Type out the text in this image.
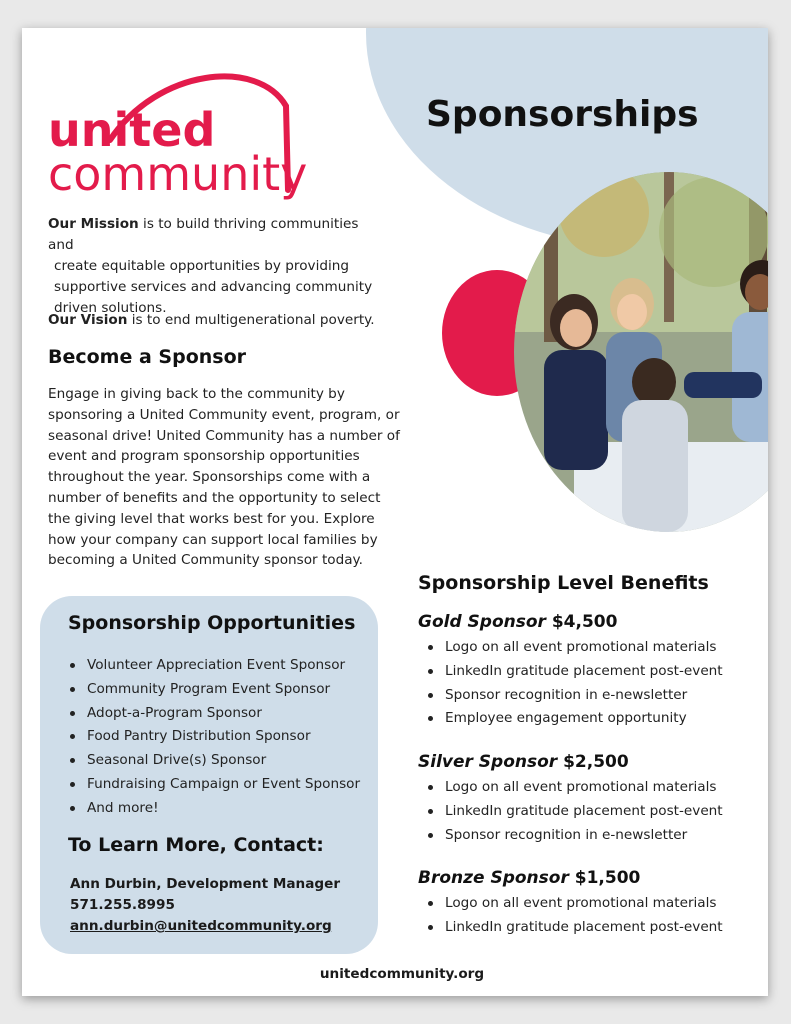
united
community
Sponsorships
Our Mission is to build thriving communities and
create equitable opportunities by providing
supportive services and advancing community
driven solutions.
Our Vision is to end multigenerational poverty.
Become a Sponsor
Engage in giving back to the community by
sponsoring a United Community event, program, or
seasonal drive! United Community has a number of
event and program sponsorship opportunities
throughout the year. Sponsorships come with a
number of benefits and the opportunity to select
the giving level that works best for you. Explore
how your company can support local families by
becoming a United Community sponsor today.
Sponsorship Opportunities
Volunteer Appreciation Event Sponsor
Community Program Event Sponsor
Adopt-a-Program Sponsor
Food Pantry Distribution Sponsor
Seasonal Drive(s) Sponsor
Fundraising Campaign or Event Sponsor
And more!
To Learn More, Contact:
Ann Durbin, Development Manager
571.255.8995
ann.durbin@unitedcommunity.org
Sponsorship Level Benefits
Gold Sponsor $4,500
Logo on all event promotional materials
LinkedIn gratitude placement post-event
Sponsor recognition in e-newsletter
Employee engagement opportunity
Silver Sponsor $2,500
Logo on all event promotional materials
LinkedIn gratitude placement post-event
Sponsor recognition in e-newsletter
Bronze Sponsor $1,500
Logo on all event promotional materials
LinkedIn gratitude placement post-event
unitedcommunity.org
